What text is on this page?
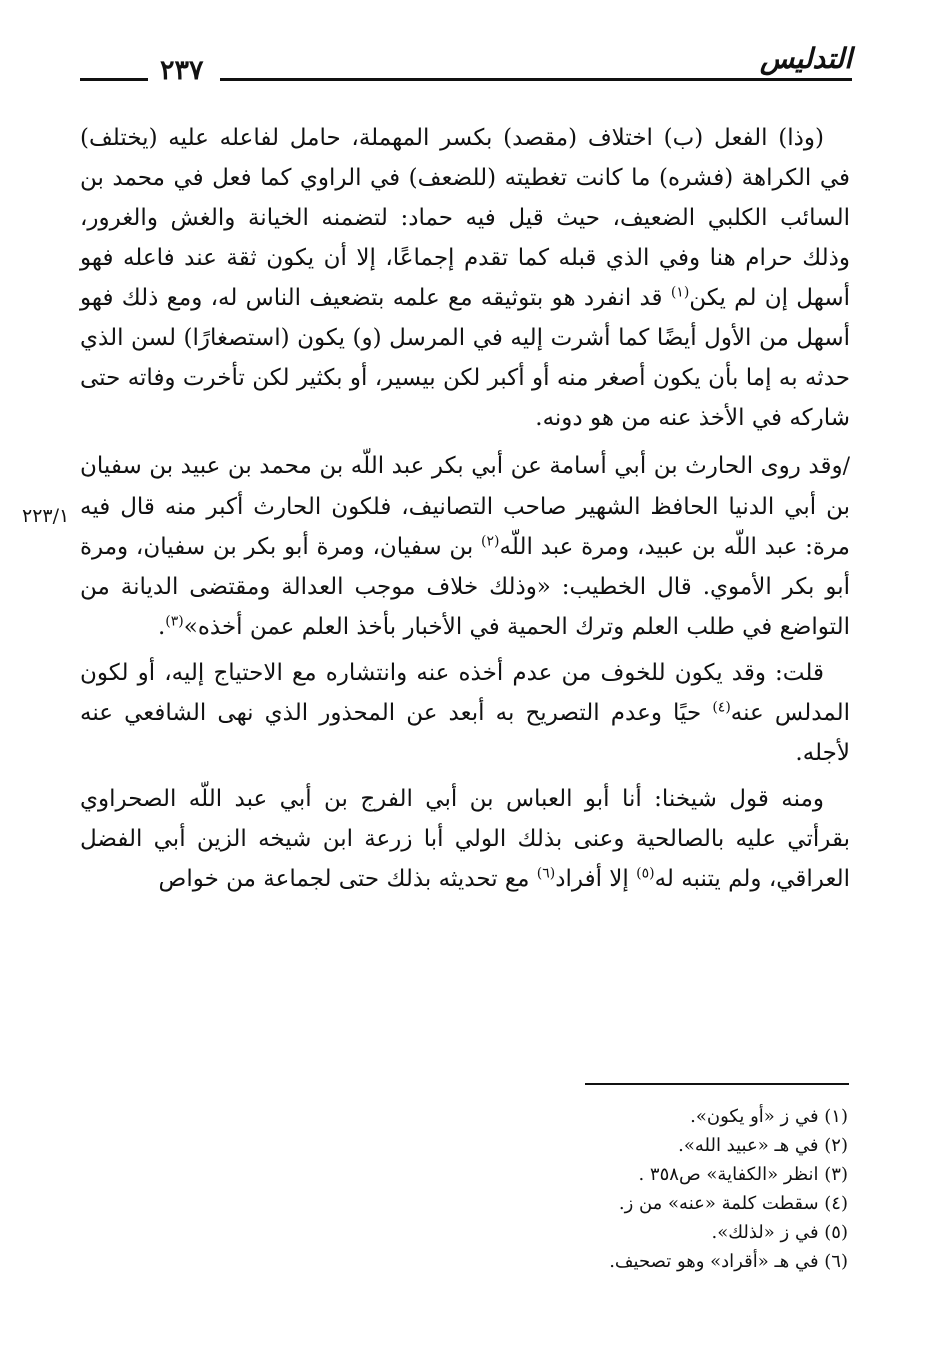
٢٣٧	التدليس
٢٢٣/١

(وذا) الفعل (ب) اختلاف (مقصد) بكسر المهملة، حامل لفاعله عليه (يختلف) في الكراهة (فشره) ما كانت تغطيته (للضعف) في الراوي كما فعل في محمد بن السائب الكلبي الضعيف، حيث قيل فيه حماد: لتضمنه الخيانة والغش والغرور، وذلك حرام هنا وفي الذي قبله كما تقدم إجماعًا، إلا أن يكون ثقة عند فاعله فهو أسهل إن لم يكن$^{(١)}$ قد انفرد هو بتوثيقه مع علمه بتضعيف الناس له، ومع ذلك فهو أسهل من الأول أيضًا كما أشرت إليه في المرسل (و) يكون (استصغارًا) لسن الذي حدثه به إما بأن يكون أصغر منه أو أكبر لكن بيسير، أو بكثير لكن تأخرت وفاته حتى شاركه في الأخذ عنه من هو دونه.

/وقد روى الحارث بن أبي أسامة عن أبي بكر عبد اللّه بن محمد بن عبيد بن سفيان بن أبي الدنيا الحافظ الشهير صاحب التصانيف، فلكون الحارث أكبر منه قال فيه مرة: عبد اللّه بن عبيد، ومرة عبد اللّه$^{(٢)}$ بن سفيان، ومرة أبو بكر بن سفيان، ومرة أبو بكر الأموي. قال الخطيب: «وذلك خلاف موجب العدالة ومقتضى الديانة من التواضع في طلب العلم وترك الحمية في الأخبار بأخذ العلم عمن أخذه»$^{(٣)}$.

قلت: وقد يكون للخوف من عدم أخذه عنه وانتشاره مع الاحتياج إليه، أو لكون المدلس عنه$^{(٤)}$ حيًا وعدم التصريح به أبعد عن المحذور الذي نهى الشافعي عنه لأجله.

ومنه قول شيخنا: أنا أبو العباس بن أبي الفرج بن أبي عبد اللّه الصحراوي بقرأتي عليه بالصالحية وعنى بذلك الولي أبا زرعة ابن شيخه الزين أبي الفضل العراقي، ولم يتنبه له$^{(٥)}$ إلا أفراد$^{(٦)}$ مع تحديثه بذلك حتى لجماعة من خواص

(١) في ز «أو يكون».

(٢) في هـ «عبيد الله».

(٣) انظر «الكفاية» ص٣٥٨ .

(٤) سقطت كلمة «عنه» من ز.

(٥) في ز «لذلك».

(٦) في هـ «أقراد» وهو تصحيف.
